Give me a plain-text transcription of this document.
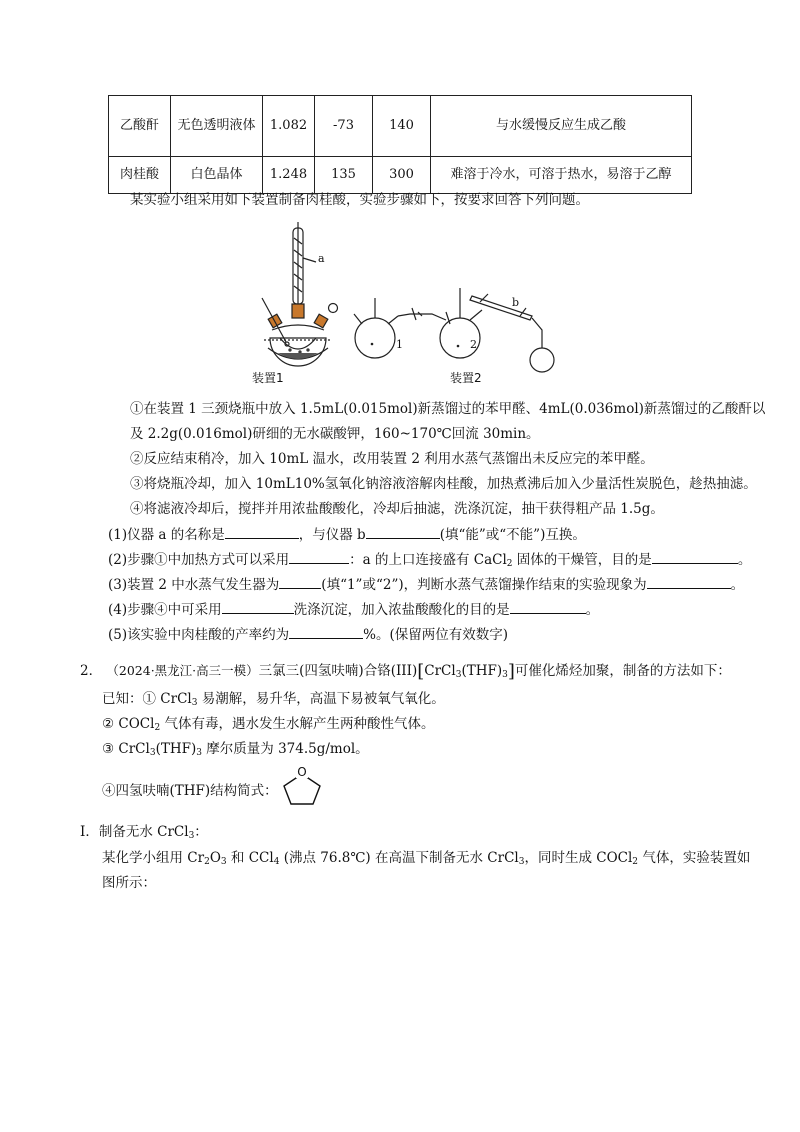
乙酸酐	无色透明液体	1.082	-73	140	与水缓慢反应生成乙酸
肉桂酸	白色晶体	1.248	135	300	难溶于冷水，可溶于热水，易溶于乙醇
某实验小组采用如下装置制备肉桂酸，实验步骤如下，按要求回答下列问题。
a
b
1	2
装置1	装置2
①在装置 1 三颈烧瓶中放入 1.5mL(0.015mol)新蒸馏过的苯甲醛、4mL(0.036mol)新蒸馏过的乙酸酐以
及 2.2g(0.016mol)研细的无水碳酸钾，160~170℃回流 30min。
②反应结束稍冷，加入 10mL 温水，改用装置 2 利用水蒸气蒸馏出未反应完的苯甲醛。
③将烧瓶冷却，加入 10mL10%氢氧化钠溶液溶解肉桂酸，加热煮沸后加入少量活性炭脱色，趁热抽滤。
④将滤液冷却后，搅拌并用浓盐酸酸化，冷却后抽滤，洗涤沉淀，抽干获得粗产品 1.5g。
(1)仪器 a 的名称是	，与仪器 b	(填“能”或“不能”)互换。
(2)步骤①中加热方式可以采用	：a 的上口连接盛有 CaCl$_2$ 固体的干燥管，目的是	。
(3)装置 2 中水蒸气发生器为	(填“1”或“2”)，判断水蒸气蒸馏操作结束的实验现象为	。
(4)步骤④中可采用	洗涤沉淀，加入浓盐酸酸化的目的是	。
(5)该实验中肉桂酸的产率约为	%。(保留两位有效数字)
2． （2024·黑龙江·高三一模）三氯三(四氢呋喃)合铬$(III)[CrCl_3(THF)_3]$可催化烯烃加聚，制备的方法如下：
已知：① CrCl$_3$ 易潮解，易升华，高温下易被氧气氧化。
② COCl$_2$ 气体有毒，遇水发生水解产生两种酸性气体。
③ $CrCl_3(THF)_3$ 摩尔质量为 374.5g/mol。
④四氢呋喃(THF)结构简式：
O
I．制备无水 CrCl$_3$：
某化学小组用 $Cr_2O_3$ 和 CCl$_4$ (沸点 76.8℃) 在高温下制备无水 CrCl$_3$，同时生成 COCl$_2$ 气体，实验装置如
图所示：
